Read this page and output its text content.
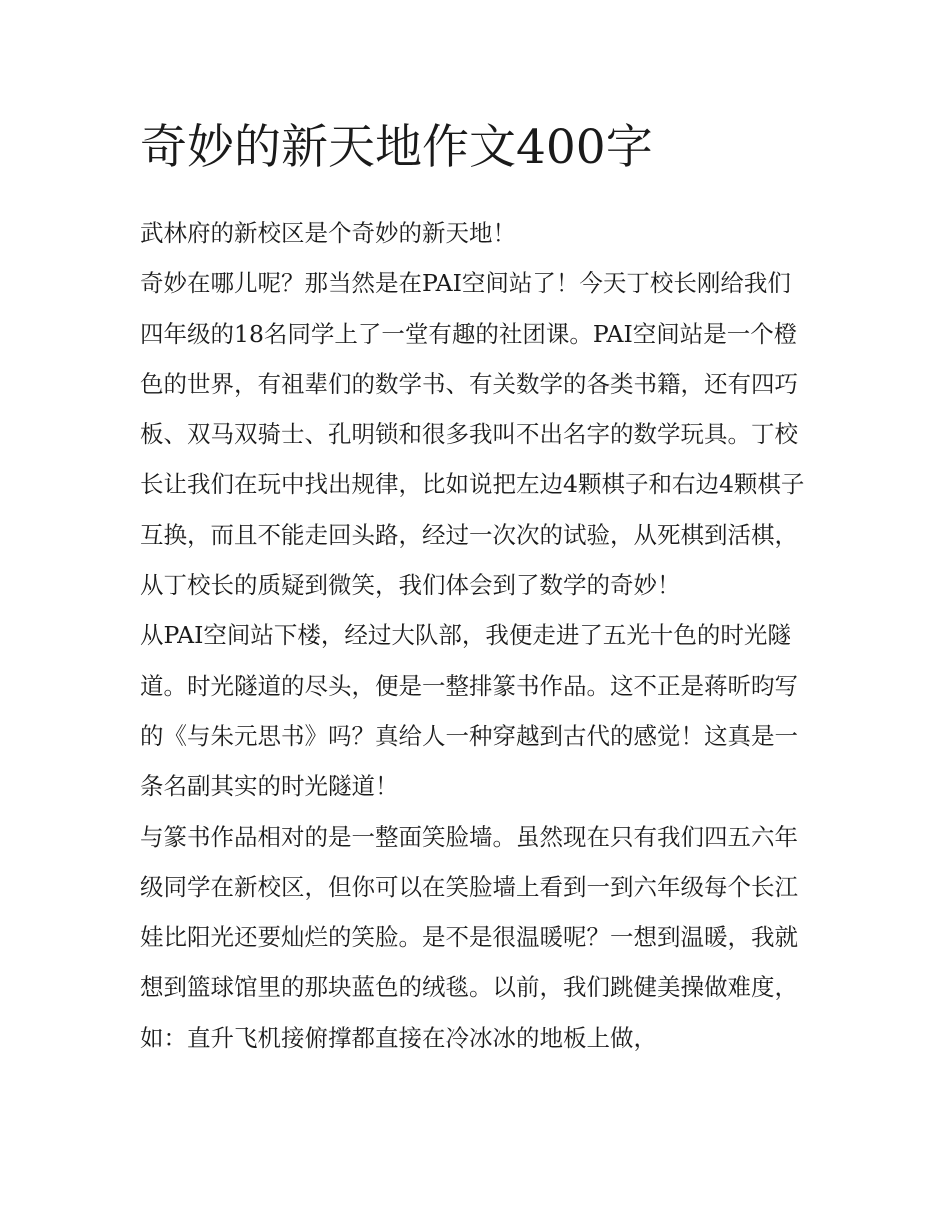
奇妙的新天地作文400字

武林府的新校区是个奇妙的新天地！

奇妙在哪儿呢？那当然是在PAI空间站了！今天丁校长刚给我们四年级的18名同学上了一堂有趣的社团课。PAI空间站是一个橙色的世界，有祖辈们的数学书、有关数学的各类书籍，还有四巧板、双马双骑士、孔明锁和很多我叫不出名字的数学玩具。丁校长让我们在玩中找出规律，比如说把左边4颗棋子和右边4颗棋子互换，而且不能走回头路，经过一次次的试验，从死棋到活棋，从丁校长的质疑到微笑，我们体会到了数学的奇妙！

从PAI空间站下楼，经过大队部，我便走进了五光十色的时光隧道。时光隧道的尽头，便是一整排篆书作品。这不正是蒋昕昀写的《与朱元思书》吗？真给人一种穿越到古代的感觉！这真是一条名副其实的时光隧道！

与篆书作品相对的是一整面笑脸墙。虽然现在只有我们四五六年级同学在新校区，但你可以在笑脸墙上看到一到六年级每个长江娃比阳光还要灿烂的笑脸。是不是很温暖呢？一想到温暖，我就想到篮球馆里的那块蓝色的绒毯。以前，我们跳健美操做难度，如：直升飞机接俯撑都直接在冷冰冰的地板上做，
